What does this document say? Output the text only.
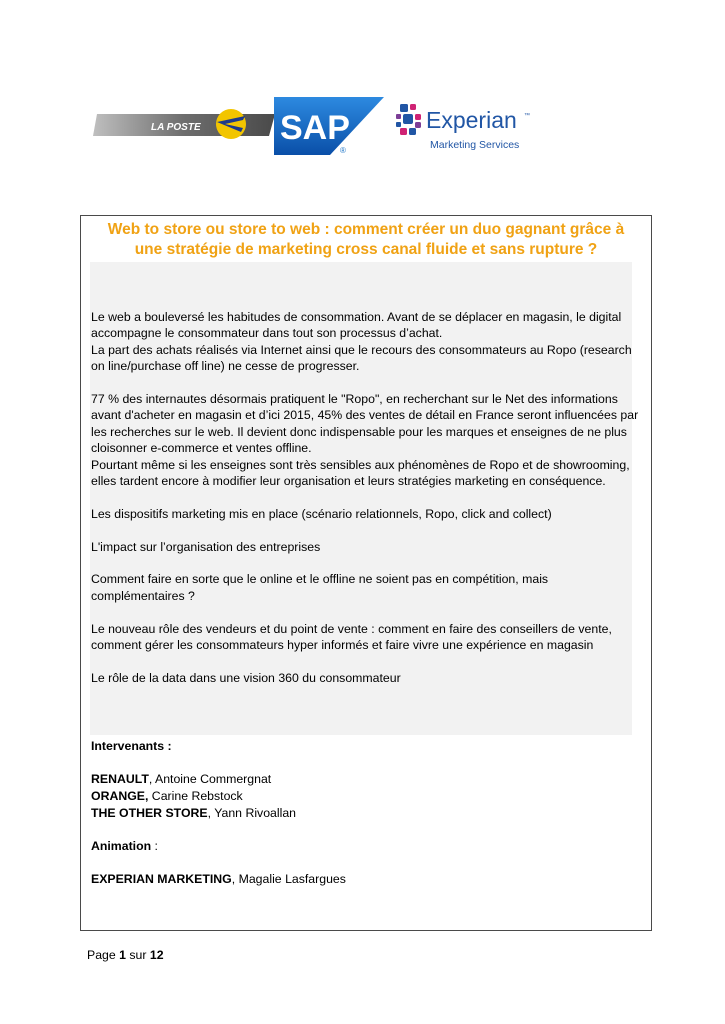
LA POSTE SAP
®
Experian ™
Marketing Services
Web to store ou store to web : comment créer un duo gagnant grâce à
une stratégie de marketing cross canal fluide et sans rupture ?

Le web a bouleversé les habitudes de consommation. Avant de se déplacer en magasin, le digital accompagne le consommateur dans tout son processus d’achat.

La part des achats réalisés via Internet ainsi que le recours des consommateurs au Ropo (research on line/purchase off line) ne cesse de progresser.

77 % des internautes désormais pratiquent le "Ropo", en recherchant sur le Net des informations avant d'acheter en magasin et d’ici 2015, 45% des ventes de détail en France seront influencées par les recherches sur le web. Il devient donc indispensable pour les marques et enseignes de ne plus cloisonner e-commerce et ventes offline.

Pourtant même si les enseignes sont très sensibles aux phénomènes de Ropo et de showrooming, elles tardent encore à modifier leur organisation et leurs stratégies marketing en conséquence.

Les dispositifs marketing mis en place (scénario relationnels, Ropo, click and collect)

L'impact sur l’organisation des entreprises

Comment faire en sorte que le online et le offline ne soient pas en compétition, mais complémentaires ?

Le nouveau rôle des vendeurs et du point de vente : comment en faire des conseillers de vente, comment gérer les consommateurs hyper informés et faire vivre une expérience en magasin

Le rôle de la data dans une vision 360 du consommateur

Intervenants :

RENAULT, Antoine Commergnat

ORANGE, Carine Rebstock

THE OTHER STORE, Yann Rivoallan

Animation :

EXPERIAN MARKETING, Magalie Lasfargues

Page 1 sur 12
